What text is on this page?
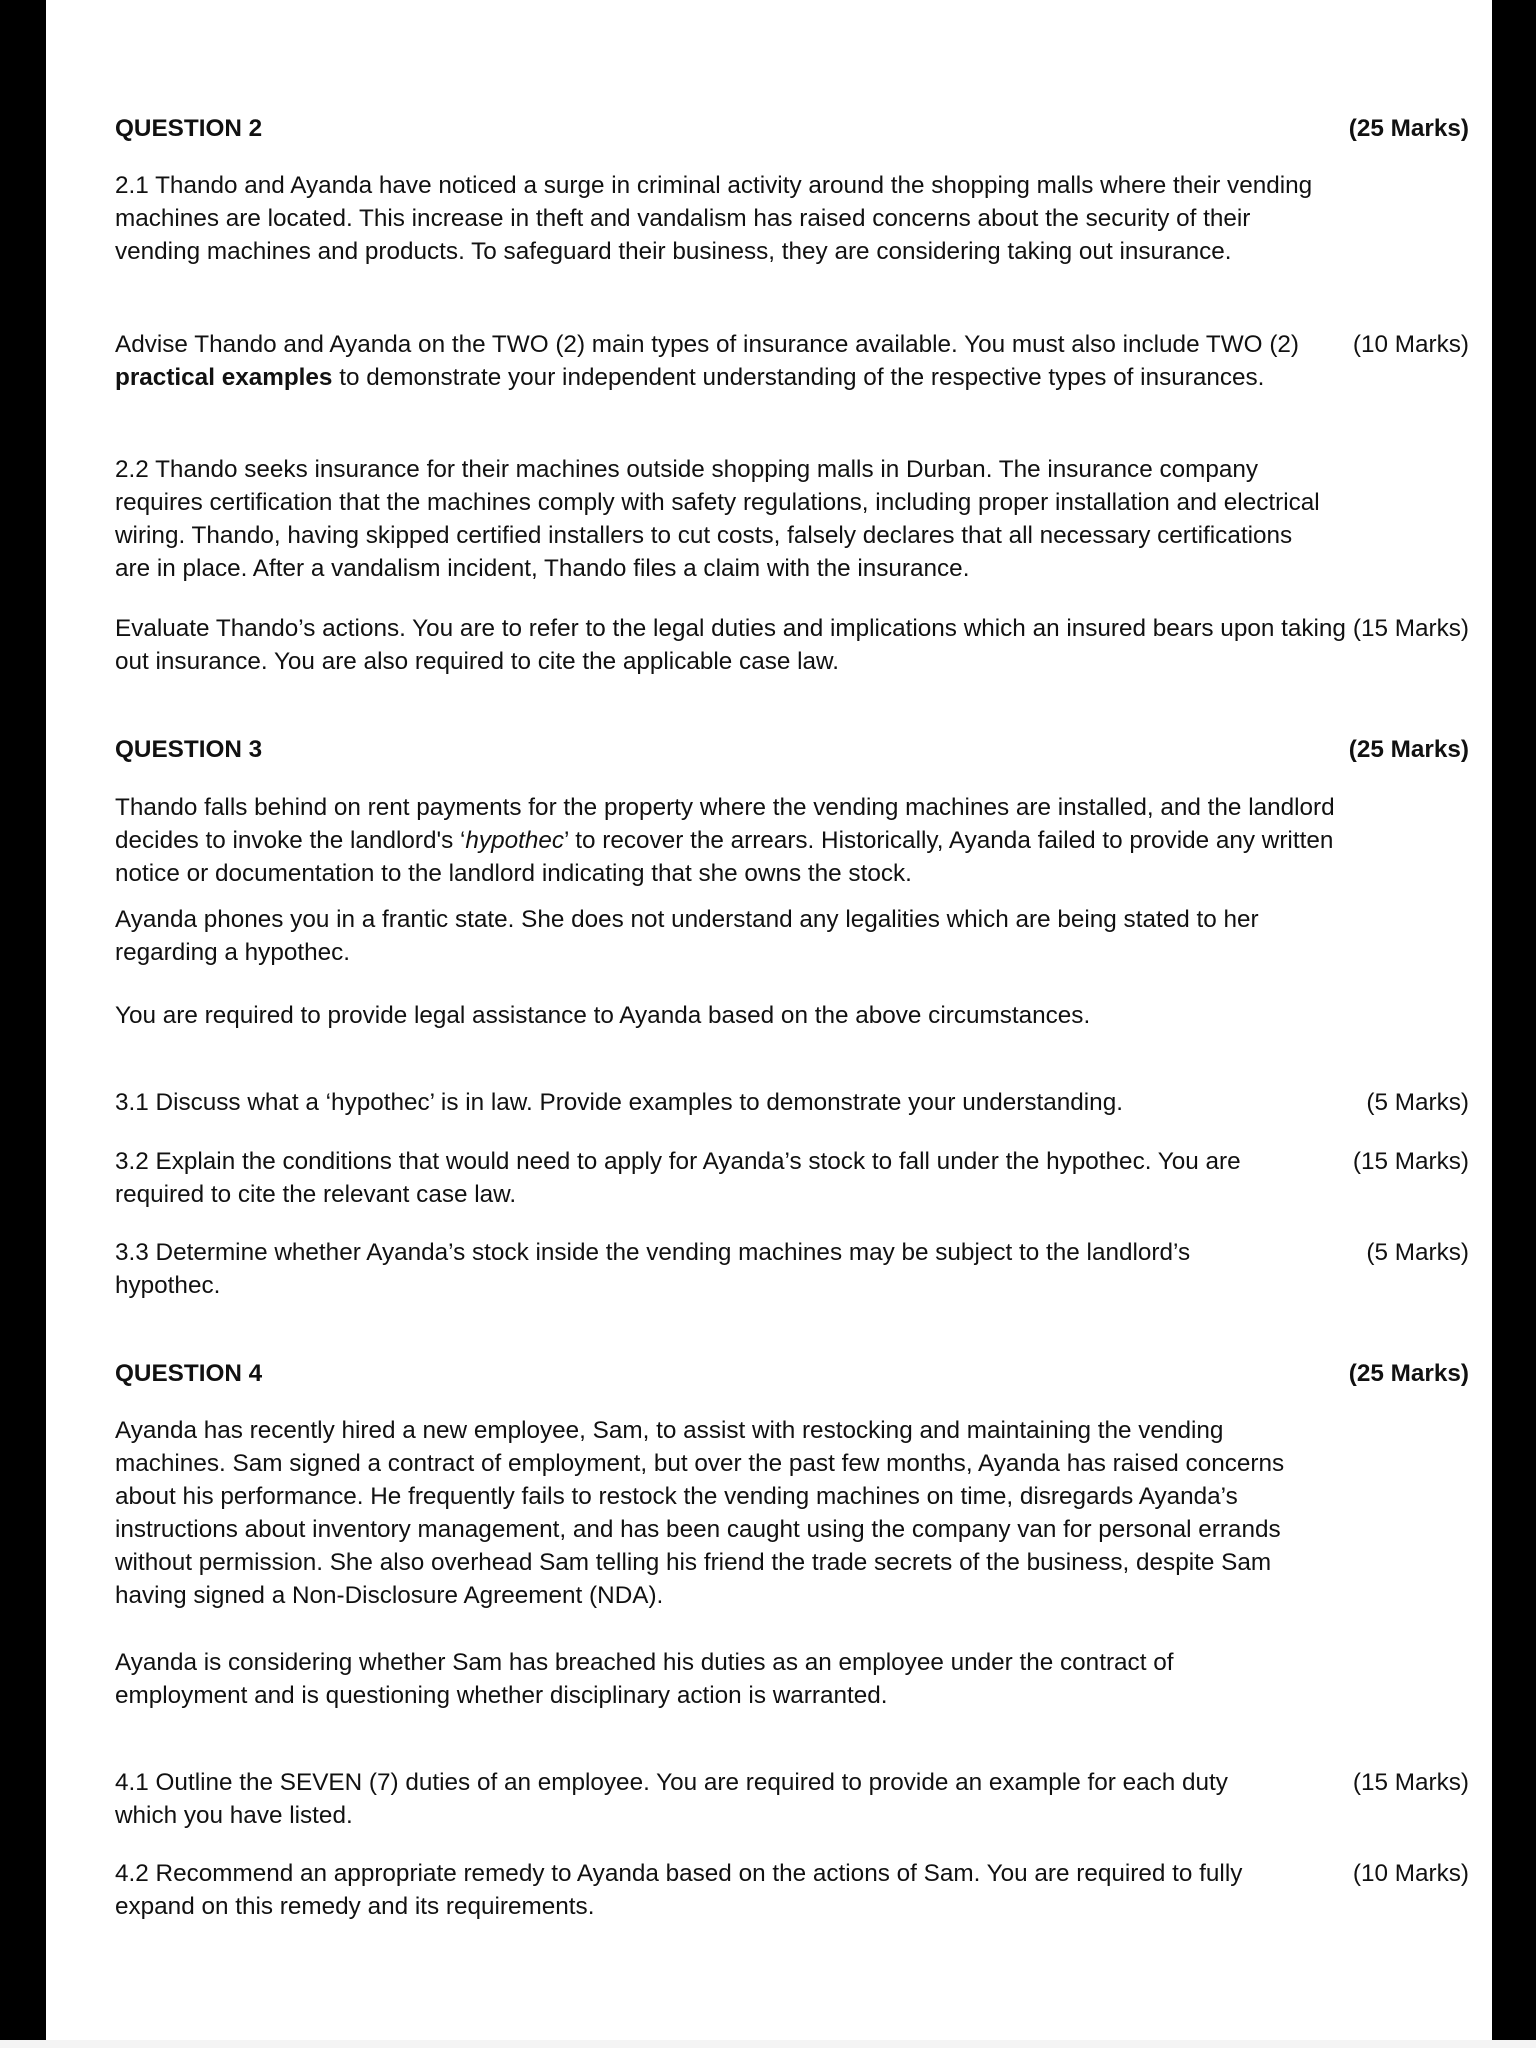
QUESTION 2	(25 Marks)

2.1 Thando and Ayanda have noticed a surge in criminal activity around the shopping malls where their vending machines are located. This increase in theft and vandalism has raised concerns about the security of their vending machines and products. To safeguard their business, they are considering taking out insurance.

Advise Thando and Ayanda on the TWO (2) main types of insurance available. You must also include TWO (2) practical examples to demonstrate your independent understanding of the respective types of insurances.

(10 Marks)

2.2 Thando seeks insurance for their machines outside shopping malls in Durban. The insurance company requires certification that the machines comply with safety regulations, including proper installation and electrical wiring. Thando, having skipped certified installers to cut costs, falsely declares that all necessary certifications are in place. After a vandalism incident, Thando files a claim with the insurance.

Evaluate Thando’s actions. You are to refer to the legal duties and implications which an insured bears upon taking out insurance. You are also required to cite the applicable case law.

(15 Marks)
QUESTION 3	(25 Marks)

Thando falls behind on rent payments for the property where the vending machines are installed, and the landlord decides to invoke the landlord's ‘hypothec’ to recover the arrears. Historically, Ayanda failed to provide any written notice or documentation to the landlord indicating that she owns the stock.

Ayanda phones you in a frantic state. She does not understand any legalities which are being stated to her regarding a hypothec.

You are required to provide legal assistance to Ayanda based on the above circumstances.

3.1 Discuss what a ‘hypothec’ is in law. Provide examples to demonstrate your understanding.	(5 Marks)

3.2 Explain the conditions that would need to apply for Ayanda’s stock to fall under the hypothec. You are required to cite the relevant case law.

(15 Marks)

3.3 Determine whether Ayanda’s stock inside the vending machines may be subject to the landlord’s hypothec.

(5 Marks)
QUESTION 4	(25 Marks)

Ayanda has recently hired a new employee, Sam, to assist with restocking and maintaining the vending machines. Sam signed a contract of employment, but over the past few months, Ayanda has raised concerns about his performance. He frequently fails to restock the vending machines on time, disregards Ayanda’s instructions about inventory management, and has been caught using the company van for personal errands without permission. She also overhead Sam telling his friend the trade secrets of the business, despite Sam having signed a Non-Disclosure Agreement (NDA).

Ayanda is considering whether Sam has breached his duties as an employee under the contract of employment and is questioning whether disciplinary action is warranted.

4.1 Outline the SEVEN (7) duties of an employee. You are required to provide an example for each duty which you have listed.

(15 Marks)

4.2 Recommend an appropriate remedy to Ayanda based on the actions of Sam. You are required to fully expand on this remedy and its requirements.

(10 Marks)
